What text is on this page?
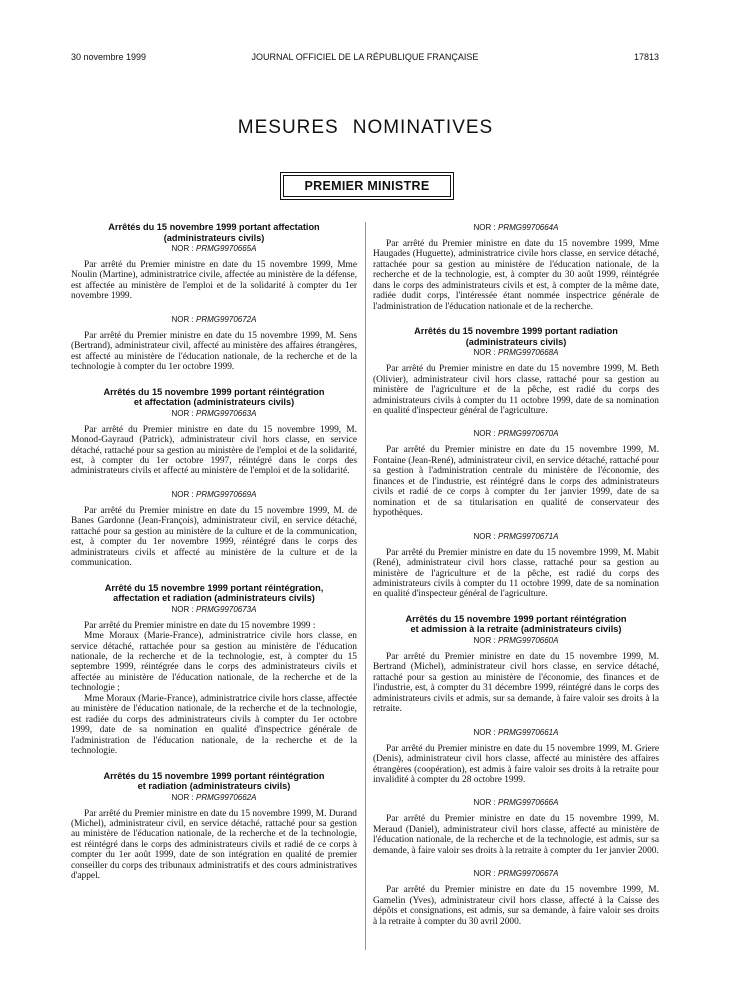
30 novembre 1999	JOURNAL OFFICIEL DE LA RÉPUBLIQUE FRANÇAISE	17813
MESURES NOMINATIVES
PREMIER MINISTRE
Arrêtés du 15 novembre 1999 portant affectation
(administrateurs civils)
NOR : PRMG9970665A

Par arrêté du Premier ministre en date du 15 novembre 1999, Mme Noulin (Martine), administratrice civile, affectée au ministère de la défense, est affectée au ministère de l'emploi et de la solidarité à compter du 1er novembre 1999.

NOR : PRMG9970672A

Par arrêté du Premier ministre en date du 15 novembre 1999, M. Sens (Bertrand), administrateur civil, affecté au ministère des affaires étrangères, est affecté au ministère de l'éducation nationale, de la recherche et de la technologie à compter du 1er octobre 1999.

Arrêtés du 15 novembre 1999 portant réintégration
et affectation (administrateurs civils)
NOR : PRMG9970663A

Par arrêté du Premier ministre en date du 15 novembre 1999, M. Monod-Gayraud (Patrick), administrateur civil hors classe, en service détaché, rattaché pour sa gestion au ministère de l'emploi et de la solidarité, est, à compter du 1er octobre 1997, réintégré dans le corps des administrateurs civils et affecté au ministère de l'emploi et de la solidarité.

NOR : PRMG9970669A

Par arrêté du Premier ministre en date du 15 novembre 1999, M. de Banes Gardonne (Jean-François), administrateur civil, en service détaché, rattaché pour sa gestion au ministère de la culture et de la communication, est, à compter du 1er novembre 1999, réintégré dans le corps des administrateurs civils et affecté au ministère de la culture et de la communication.

Arrêté du 15 novembre 1999 portant réintégration,
affectation et radiation (administrateurs civils)
NOR : PRMG9970673A

Par arrêté du Premier ministre en date du 15 novembre 1999 :

Mme Moraux (Marie-France), administratrice civile hors classe, en service détaché, rattachée pour sa gestion au ministère de l'éducation nationale, de la recherche et de la technologie, est, à compter du 15 septembre 1999, réintégrée dans le corps des administrateurs civils et affectée au ministère de l'éducation nationale, de la recherche et de la technologie ;

Mme Moraux (Marie-France), administratrice civile hors classe, affectée au ministère de l'éducation nationale, de la recherche et de la technologie, est radiée du corps des administrateurs civils à compter du 1er octobre 1999, date de sa nomination en qualité d'inspectrice générale de l'administration de l'éducation nationale, de la recherche et de la technologie.

Arrêtés du 15 novembre 1999 portant réintégration
et radiation (administrateurs civils)
NOR : PRMG9970662A

Par arrêté du Premier ministre en date du 15 novembre 1999, M. Durand (Michel), administrateur civil, en service détaché, rattaché pour sa gestion au ministère de l'éducation nationale, de la recherche et de la technologie, est réintégré dans le corps des administrateurs civils et radié de ce corps à compter du 1er août 1999, date de son intégration en qualité de premier conseiller du corps des tribunaux administratifs et des cours administratives d'appel.

NOR : PRMG9970664A

Par arrêté du Premier ministre en date du 15 novembre 1999, Mme Haugades (Huguette), administratrice civile hors classe, en service détaché, rattachée pour sa gestion au ministère de l'éducation nationale, de la recherche et de la technologie, est, à compter du 30 août 1999, réintégrée dans le corps des administrateurs civils et est, à compter de la même date, radiée dudit corps, l'intéressée étant nommée inspectrice générale de l'administration de l'éducation nationale et de la recherche.

Arrêtés du 15 novembre 1999 portant radiation
(administrateurs civils)
NOR : PRMG9970668A

Par arrêté du Premier ministre en date du 15 novembre 1999, M. Beth (Olivier), administrateur civil hors classe, rattaché pour sa gestion au ministère de l'agriculture et de la pêche, est radié du corps des administrateurs civils à compter du 11 octobre 1999, date de sa nomination en qualité d'inspecteur général de l'agriculture.

NOR : PRMG9970670A

Par arrêté du Premier ministre en date du 15 novembre 1999, M. Fontaine (Jean-René), administrateur civil, en service détaché, rattaché pour sa gestion à l'administration centrale du ministère de l'économie, des finances et de l'industrie, est réintégré dans le corps des administrateurs civils et radié de ce corps à compter du 1er janvier 1999, date de sa nomination et de sa titularisation en qualité de conservateur des hypothèques.

NOR : PRMG9970671A

Par arrêté du Premier ministre en date du 15 novembre 1999, M. Mabit (René), administrateur civil hors classe, rattaché pour sa gestion au ministère de l'agriculture et de la pêche, est radié du corps des administrateurs civils à compter du 11 octobre 1999, date de sa nomination en qualité d'inspecteur général de l'agriculture.

Arrêtés du 15 novembre 1999 portant réintégration
et admission à la retraite (administrateurs civils)
NOR : PRMG9970660A

Par arrêté du Premier ministre en date du 15 novembre 1999, M. Bertrand (Michel), administrateur civil hors classe, en service détaché, rattaché pour sa gestion au ministère de l'économie, des finances et de l'industrie, est, à compter du 31 décembre 1999, réintégré dans le corps des administrateurs civils et admis, sur sa demande, à faire valoir ses droits à la retraite.

NOR : PRMG9970661A

Par arrêté du Premier ministre en date du 15 novembre 1999, M. Griere (Denis), administrateur civil hors classe, affecté au ministère des affaires étrangères (coopération), est admis à faire valoir ses droits à la retraite pour invalidité à compter du 28 octobre 1999.

NOR : PRMG9970666A

Par arrêté du Premier ministre en date du 15 novembre 1999, M. Meraud (Daniel), administrateur civil hors classe, affecté au ministère de l'éducation nationale, de la recherche et de la technologie, est admis, sur sa demande, à faire valoir ses droits à la retraite à compter du 1er janvier 2000.

NOR : PRMG9970667A

Par arrêté du Premier ministre en date du 15 novembre 1999, M. Gamelin (Yves), administrateur civil hors classe, affecté à la Caisse des dépôts et consignations, est admis, sur sa demande, à faire valoir ses droits à la retraite à compter du 30 avril 2000.
